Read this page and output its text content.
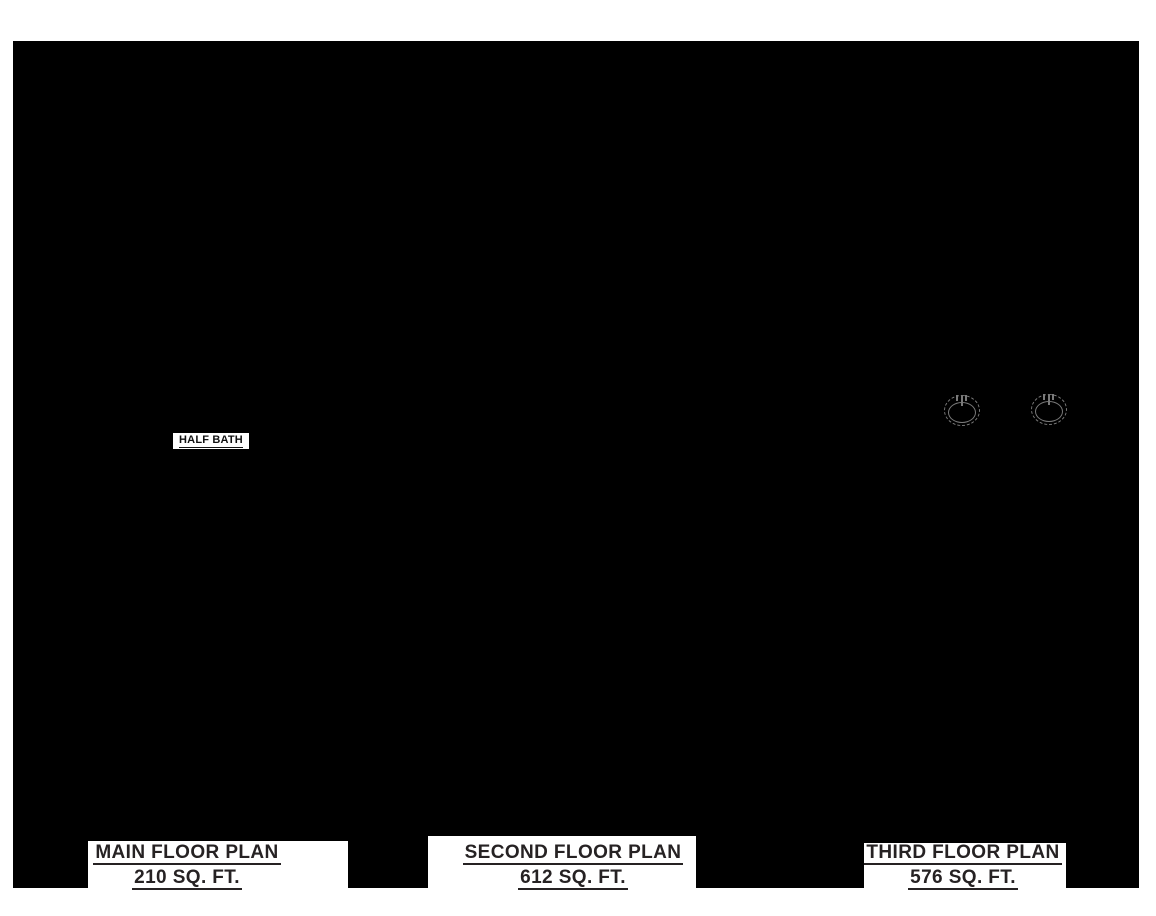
HALF BATH
MAIN FLOOR PLAN
210 SQ. FT.
SECOND FLOOR PLAN
612 SQ. FT.
THIRD FLOOR PLAN
576 SQ. FT.
